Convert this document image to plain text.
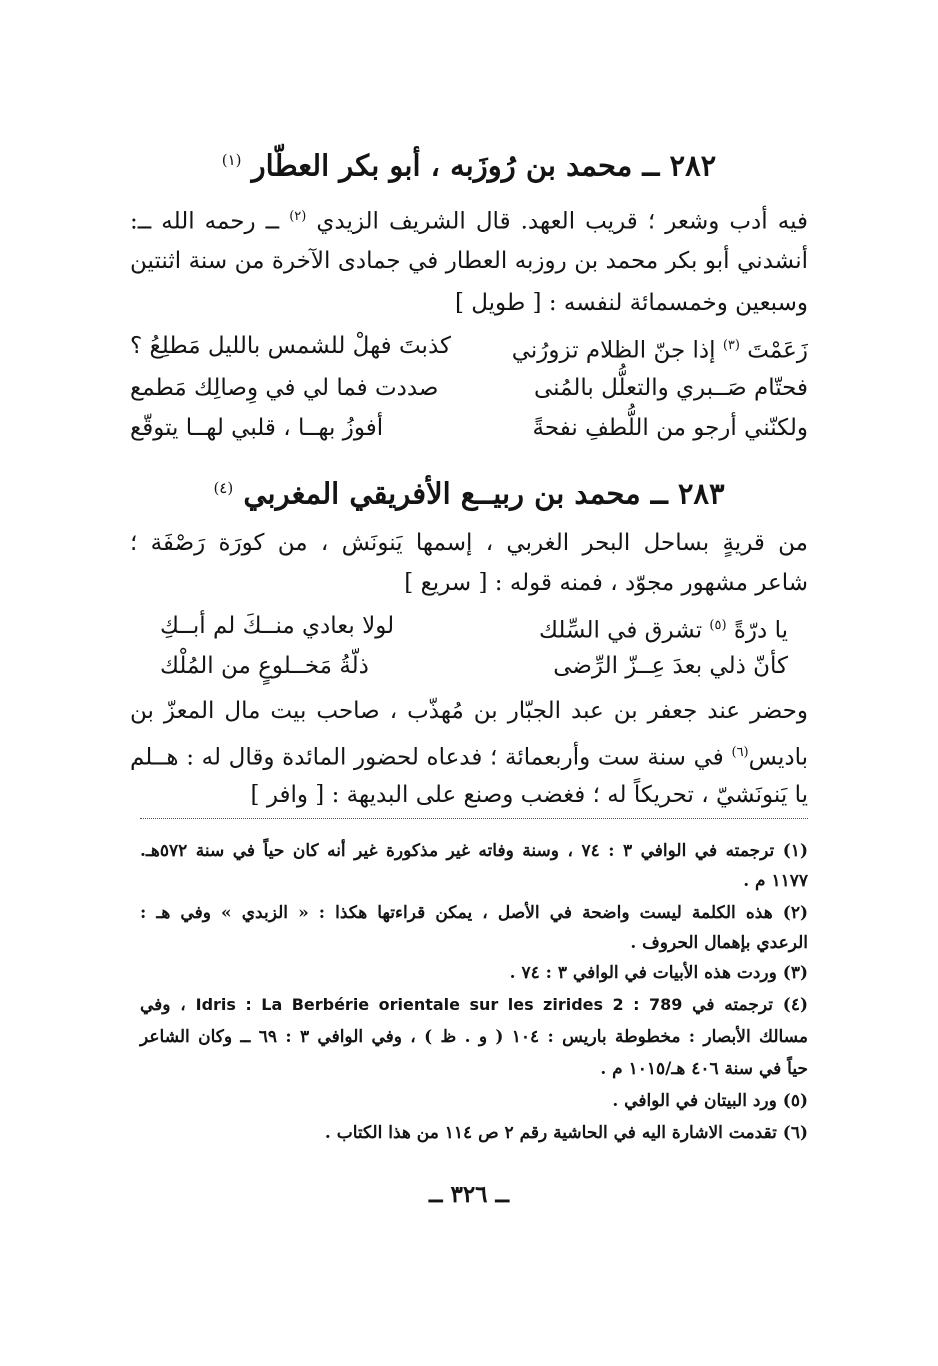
٢٨٢ ــ محمد بن رُوزَبه ، أبو بكر العطّار $^{(١)}$
فيه أدب وشعر ؛ قريب العهد. قال الشريف الزيدي $^{(٢)}$ ــ رحمه الله ــ:
أنشدني أبو بكر محمد بن روزبه العطار في جمادى الآخرة من سنة اثنتين
وسبعين وخمسمائة لنفسه : [ طويل ]
زَعَمْتَ $^{(٣)}$ إذا جنّ الظلام تزورُني
كذبتَ فهلْ للشمس بالليل مَطلِعُ ؟
فحتّام صَــبري والتعلُّل بالمُنى
صددت فما لي في وِصالِك مَطمع
ولكنّني أرجو من اللُّطفِ نفحةً
أفوزُ بهــا ، قلبي لهــا يتوقّع
٢٨٣ ــ محمد بن ربيــع الأفريقي المغربي $^{(٤)}$
من قريةٍ بساحل البحر الغربي ، إسمها يَنونَش ، من كورَة رَصْفَة ؛
شاعر مشهور مجوّد ، فمنه قوله : [ سريع ]
يا درّةً $^{(٥)}$ تشرق في السِّلك
لولا بعادي منــكَ لم أبــكِ
كأنّ ذلي بعدَ عِــزّ الرِّضى
ذلّةُ مَخــلوعٍ من المُلْك
وحضر عند جعفر بن عبد الجبّار بن مُهذّب ، صاحب بيت مال المعزّ بن
باديس$^{(٦)}$ في سنة ست وأربعمائة ؛ فدعاه لحضور المائدة وقال له : هــلم
يا يَنونَشيّ ، تحريكاً له ؛ فغضب وصنع على البديهة : [ وافر ]
(١) ترجمته في الوافي ٣ : ٧٤ ، وسنة وفاته غير مذكورة غير أنه كان حياً في سنة ٥٧٢هـ.
١١٧٧ م .
(٢) هذه الكلمة ليست واضحة في الأصل ، يمكن قراءتها هكذا : « الزبدي » وفي هـ :
الرعدي بإهمال الحروف .
(٣) وردت هذه الأبيات في الوافي ٣ : ٧٤ .
(٤) ترجمته في Idris : La Berbérie orientale sur les zirides 2 : 789 ، وفي
مسالك الأبصار : مخطوطة باريس : ١٠٤ ( و . ظ ) ، وفي الوافي ٣ : ٦٩ ــ وكان الشاعر
حياً في سنة ٤٠٦ هـ/١٠١٥ م .
(٥) ورد البيتان في الوافي .
(٦) تقدمت الاشارة اليه في الحاشية رقم ٢ ص ١١٤ من هذا الكتاب .
ــ ٣٢٦ ــ
